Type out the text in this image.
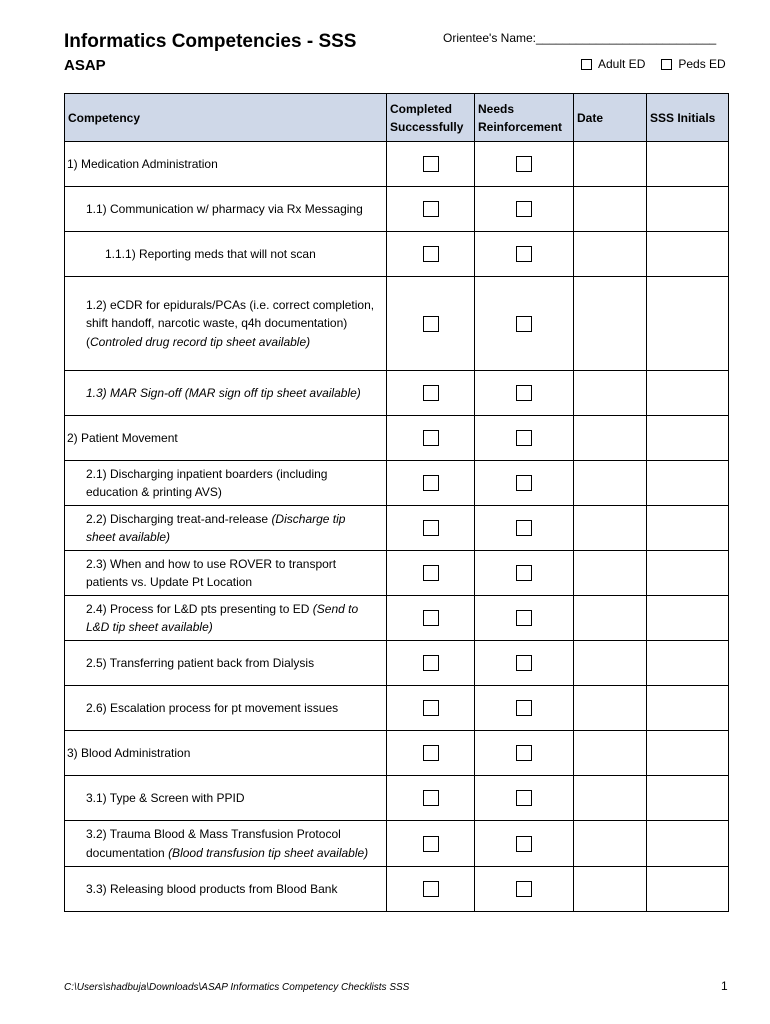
Informatics Competencies - SSS
ASAP
Orientee's Name:___________________________
Adult ED	Peds ED
Competency	Completed Successfully	Needs Reinforcement	Date	SSS Initials
1) Medication Administration				
1.1) Communication w/ pharmacy via Rx Messaging				
1.1.1) Reporting meds that will not scan				
1.2) eCDR for epidurals/PCAs (i.e. correct completion, shift handoff, narcotic waste, q4h documentation) (Controled drug record tip sheet available)				
1.3) MAR Sign-off (MAR sign off tip sheet available)				
2) Patient Movement				
2.1) Discharging inpatient boarders (including education & printing AVS)				
2.2) Discharging treat-and-release (Discharge tip sheet available)				
2.3) When and how to use ROVER to transport patients vs. Update Pt Location				
2.4) Process for L&D pts presenting to ED (Send to L&D tip sheet available)				
2.5) Transferring patient back from Dialysis				
2.6) Escalation process for pt movement issues				
3) Blood Administration				
3.1) Type & Screen with PPID				
3.2) Trauma Blood & Mass Transfusion Protocol documentation (Blood transfusion tip sheet available)				
3.3) Releasing blood products from Blood Bank				
C:\Users\shadbuja\Downloads\ASAP Informatics Competency Checklists SSS	1
